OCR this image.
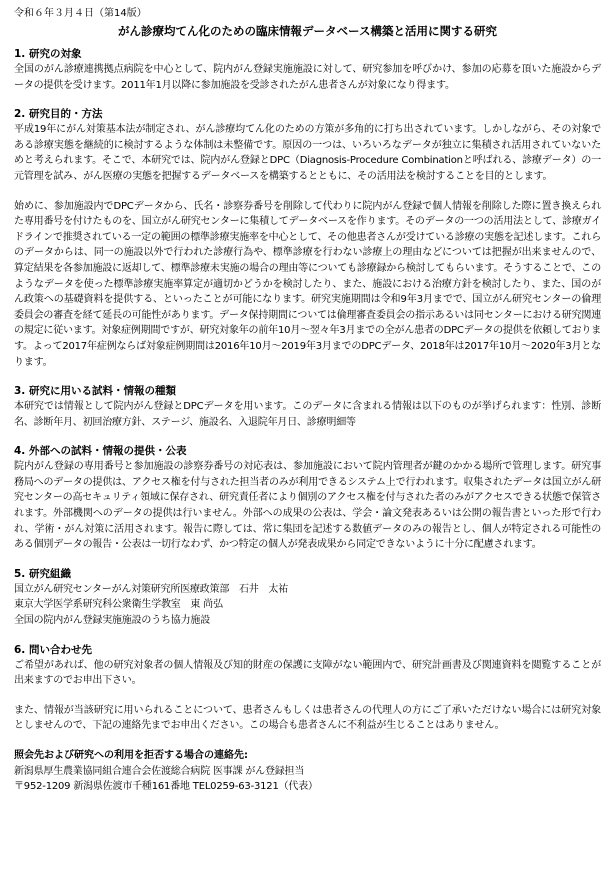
令和６年３月４日（第14版）

がん診療均てん化のための臨床情報データベース構築と活用に関する研究

1. 研究の対象

全国のがん診療連携拠点病院を中心として、院内がん登録実施施設に対して、研究参加を呼びかけ、参加の応募を頂いた施設からデータの提供を受けます。2011年1月以降に参加施設を受診されたがん患者さんが対象になり得ます。

2. 研究目的・方法

平成19年にがん対策基本法が制定され、がん診療均てん化のための方策が多角的に打ち出されています。しかしながら、その対象である診療実態を継続的に検討するような体制は未整備です。原因の一つは、いろいろなデータが独立に集積され活用されていないためと考えられます。そこで、本研究では、院内がん登録とDPC（Diagnosis-Procedure Combinationと呼ばれる、診療データ）の一元管理を試み、がん医療の実態を把握するデータベースを構築するとともに、その活用法を検討することを目的とします。

始めに、参加施設内でDPCデータから、氏名・診察券番号を削除して代わりに院内がん登録で個人情報を削除した際に置き換えられた専用番号を付けたものを、国立がん研究センターに集積してデータベースを作ります。そのデータの一つの活用法として、診療ガイドラインで推奨されている一定の範囲の標準診療実施率を中心として、その他患者さんが受けている診療の実態を記述します。これらのデータからは、同一の施設以外で行われた診療行為や、標準診療を行わない診療上の理由などについては把握が出来ませんので、算定結果を各参加施設に返却して、標準診療未実施の場合の理由等についても診療録から検討してもらいます。そうすることで、このようなデータを使った標準診療実施率算定が適切かどうかを検討したり、また、施設における治療方針を検討したり、また、国のがん政策への基礎資料を提供する、といったことが可能になります。研究実施期間は令和9年3月までで、国立がん研究センターの倫理委員会の審査を経て延長の可能性があります。データ保持期間については倫理審査委員会の指示あるいは同センターにおける研究関連の規定に従います。対象症例期間ですが、研究対象年の前年10月～翌々年3月までの全がん患者のDPCデータの提供を依頼しております。よって2017年症例ならば対象症例期間は2016年10月～2019年3月までのDPCデータ、2018年は2017年10月～2020年3月となります。

3. 研究に用いる試料・情報の種類

本研究では情報として院内がん登録とDPCデータを用います。このデータに含まれる情報は以下のものが挙げられます：性別、診断名、診断年月、初回治療方針、ステージ、施設名、入退院年月日、診療明細等

4. 外部への試料・情報の提供・公表

院内がん登録の専用番号と参加施設の診察券番号の対応表は、参加施設において院内管理者が鍵のかかる場所で管理します。研究事務局へのデータの提供は、アクセス権を付与された担当者のみが利用できるシステム上で行われます。収集されたデータは国立がん研究センターの高セキュリティ領域に保存され、研究責任者により個別のアクセス権を付与された者のみがアクセスできる状態で保管されます。外部機関へのデータの提供は行いません。外部への成果の公表は、学会・論文発表あるいは公開の報告書といった形で行われ、学術・がん対策に活用されます。報告に際しては、常に集団を記述する数値データのみの報告とし、個人が特定される可能性のある個別データの報告・公表は一切行なわず、かつ特定の個人が発表成果から同定できないように十分に配慮されます。

5. 研究組織

国立がん研究センターがん対策研究所医療政策部　石井　太祐

東京大学医学系研究科公衆衛生学教室　東 尚弘

全国の院内がん登録実施施設のうち協力施設

6. 問い合わせ先

ご希望があれば、他の研究対象者の個人情報及び知的財産の保護に支障がない範囲内で、研究計画書及び関連資料を閲覧することが出来ますのでお申出下さい。

また、情報が当該研究に用いられることについて、患者さんもしくは患者さんの代理人の方にご了承いただけない場合には研究対象としませんので、下記の連絡先までお申出ください。この場合も患者さんに不利益が生じることはありません。

照会先および研究への利用を拒否する場合の連絡先:

新潟県厚生農業協同組合連合会佐渡総合病院 医事課 がん登録担当

〒952-1209 新潟県佐渡市千種161番地 TEL0259-63-3121（代表）
